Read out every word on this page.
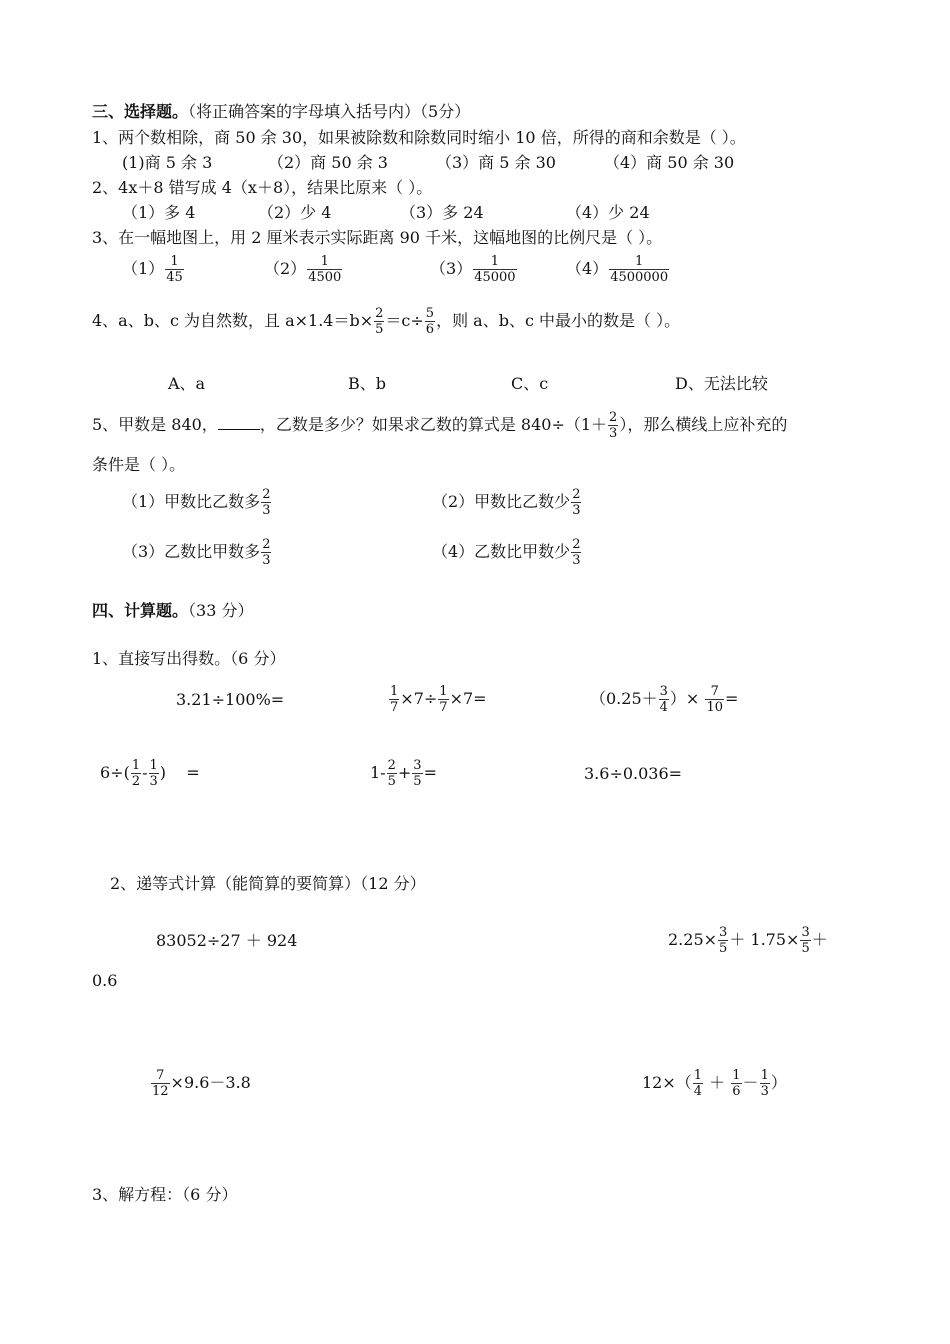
三、选择题。（将正确答案的字母填入括号内）（5分）
1、两个数相除，商 50 余 30，如果被除数和除数同时缩小 10 倍，所得的商和余数是（ ）。
(1)商 5 余 3	（2）商 50 余 3	（3）商 5 余 30	（4）商 50 余 30
2、4x＋8 错写成 4（x＋8），结果比原来（ ）。
（1）多 4	（2）少 4	（3）多 24	（4）少 24
3、在一幅地图上，用 2 厘米表示实际距离 90 千米，这幅地图的比例尺是（ ）。
$(1) \frac{1}{45}$	$(2) \frac{1}{4500}$	$(3) \frac{1}{45000}$	$(4) \frac{1}{4500000}$
4、a、b、c 为自然数，且 $a\times 1.4=b\times \frac{2}{5} =c\div \frac{5}{6}$ ，则 a、b、c 中最小的数是（ ）。
A、a	B、b	C、c	D、无法比较
5、甲数是 840，	，乙数是多少？如果求乙数的算式是 $840\div(1+ \frac{2}{3}$ ），那么横线上应补充的
条件是（ ）。
（1）甲数比乙数多 $\frac{2}{3}$	（2）甲数比乙数少 $\frac{2}{3}$
（3）乙数比甲数多 $\frac{2}{3}$	（4）乙数比甲数少 $\frac{2}{3}$
四、计算题。（33 分）
1、直接写出得数。（6 分）
3.21÷100%=	$\frac{1}{7} \times 7\div \frac{1}{7} \times 7=$	（$0.25+ \frac{3}{4}$ ）× $\frac{7}{10}$ =
$6\div( \frac{1}{2} - \frac{1}{3}$ ) =	$1- \frac{2}{5} + \frac{3}{5}$ =	3.6÷0.036=
2、递等式计算（能简算的要简算）（12 分）
83052÷27 ＋ 924	$2.25\times \frac{3}{5} + 1.75\times \frac{3}{5}$ ＋
0.6
$\frac{7}{12} \times 9.6-3.8$	$12\times( \frac{1}{4} + \frac{1}{6} - \frac{1}{3}$ ）
3、解方程：（6 分）
